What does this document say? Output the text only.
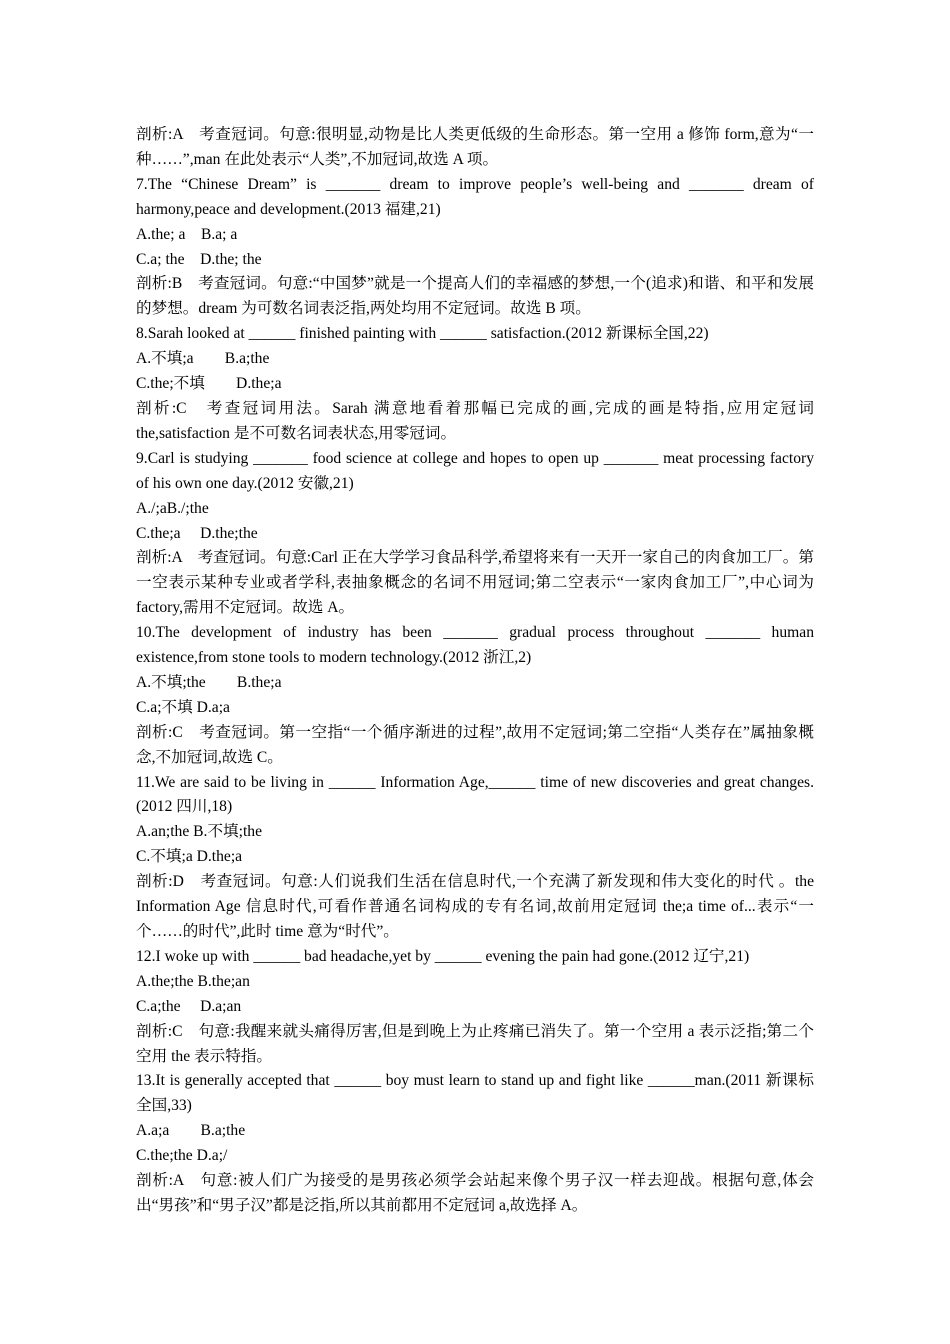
剖析:A　考查冠词。句意:很明显,动物是比人类更低级的生命形态。第一空用 a 修饰 form,意为“一种……”,man 在此处表示“人类”,不加冠词,故选 A 项。

7.The “Chinese Dream” is _______ dream to improve people’s well-being and _______ dream of harmony,peace and development.(2013 福建,21)

A.the; a　B.a; a

C.a; the　D.the; the

剖析:B　考查冠词。句意:“中国梦”就是一个提高人们的幸福感的梦想,一个(追求)和谐、和平和发展的梦想。dream 为可数名词表泛指,两处均用不定冠词。故选 B 项。

8.Sarah looked at ______ finished painting with ______ satisfaction.(2012 新课标全国,22)

A.不填;a　　B.a;the

C.the;不填　　D.the;a

剖析:C　考查冠词用法。Sarah 满意地看着那幅已完成的画,完成的画是特指,应用定冠词 the,satisfaction 是不可数名词表状态,用零冠词。

9.Carl is studying _______ food science at college and hopes to open up _______ meat processing factory of his own one day.(2012 安徽,21)

A./;aB./;the

C.the;a　 D.the;the

剖析:A　考查冠词。句意:Carl 正在大学学习食品科学,希望将来有一天开一家自己的肉食加工厂。第一空表示某种专业或者学科,表抽象概念的名词不用冠词;第二空表示“一家肉食加工厂”,中心词为 factory,需用不定冠词。故选 A。

10.The development of industry has been _______ gradual process throughout _______ human existence,from stone tools to modern technology.(2012 浙江,2)

A.不填;the　　B.the;a

C.a;不填 D.a;a

剖析:C　考查冠词。第一空指“一个循序渐进的过程”,故用不定冠词;第二空指“人类存在”属抽象概念,不加冠词,故选 C。

11.We are said to be living in ______ Information Age,______ time of new discoveries and great changes.(2012 四川,18)

A.an;the B.不填;the

C.不填;a D.the;a

剖析:D　考查冠词。句意:人们说我们生活在信息时代,一个充满了新发现和伟大变化的时代 。the Information Age 信息时代,可看作普通名词构成的专有名词,故前用定冠词 the;a time of...表示“一个……的时代”,此时 time 意为“时代”。

12.I woke up with ______ bad headache,yet by ______ evening the pain had gone.(2012 辽宁,21)

A.the;the B.the;an

C.a;the　 D.a;an

剖析:C　句意:我醒来就头痛得厉害,但是到晚上为止疼痛已消失了。第一个空用 a 表示泛指;第二个空用 the 表示特指。

13.It is generally accepted that ______ boy must learn to stand up and fight like ______man.(2011 新课标全国,33)

A.a;a　　B.a;the

C.the;the D.a;/

剖析:A　句意:被人们广为接受的是男孩必须学会站起来像个男子汉一样去迎战。根据句意,体会出“男孩”和“男子汉”都是泛指,所以其前都用不定冠词 a,故选择 A。
